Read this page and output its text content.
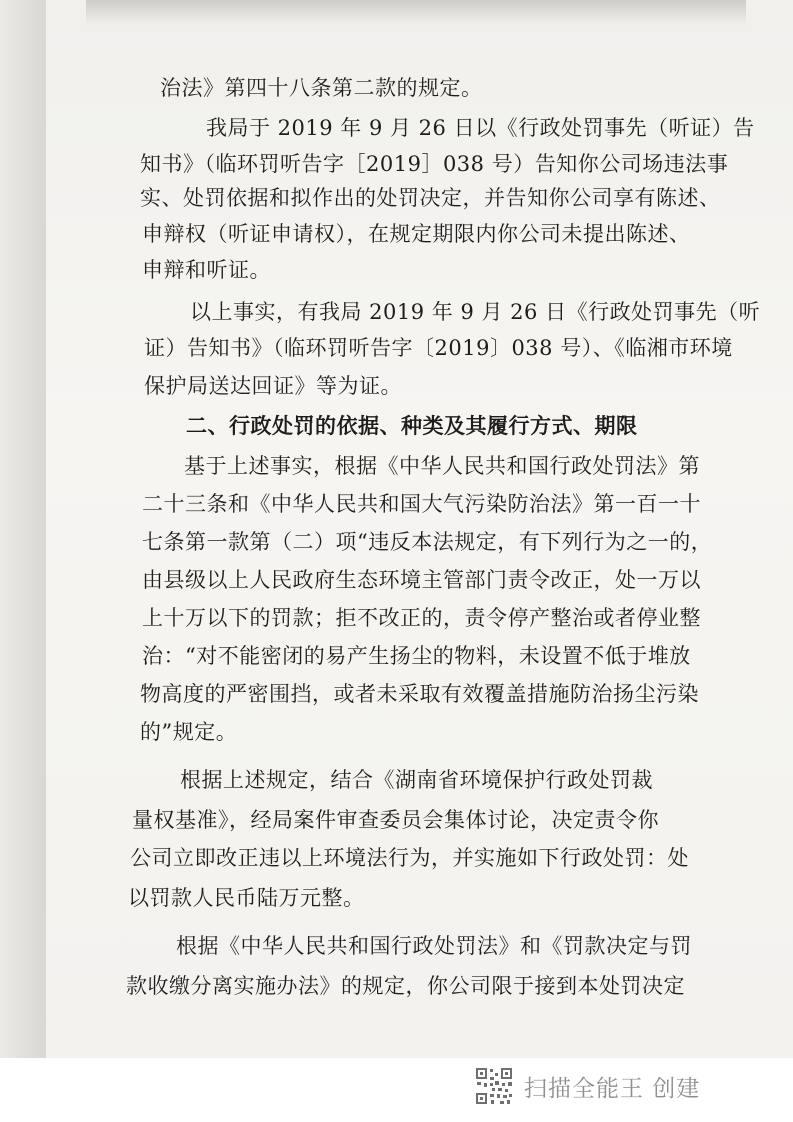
治法》第四十八条第二款的规定。
我局于 2019 年 9 月 26 日以《行政处罚事先（听证）告
知书》（临环罚听告字［2019］038 号）告知你公司场违法事
实、处罚依据和拟作出的处罚决定，并告知你公司享有陈述、
申辩权（听证申请权），在规定期限内你公司未提出陈述、
申辩和听证。
以上事实，有我局 2019 年 9 月 26 日《行政处罚事先（听
证）告知书》（临环罚听告字〔2019〕038 号）、《临湘市环境
保护局送达回证》等为证。
二、行政处罚的依据、种类及其履行方式、期限
基于上述事实，根据《中华人民共和国行政处罚法》第
二十三条和《中华人民共和国大气污染防治法》第一百一十
七条第一款第（二）项“违反本法规定，有下列行为之一的，
由县级以上人民政府生态环境主管部门责令改正，处一万以
上十万以下的罚款；拒不改正的，责令停产整治或者停业整
治：“对不能密闭的易产生扬尘的物料，未设置不低于堆放
物高度的严密围挡，或者未采取有效覆盖措施防治扬尘污染
的”规定。
根据上述规定，结合《湖南省环境保护行政处罚裁
量权基准》，经局案件审查委员会集体讨论，决定责令你
公司立即改正违以上环境法行为，并实施如下行政处罚：处
以罚款人民币陆万元整。
根据《中华人民共和国行政处罚法》和《罚款决定与罚
款收缴分离实施办法》的规定，你公司限于接到本处罚决定
扫描全能王 创建
